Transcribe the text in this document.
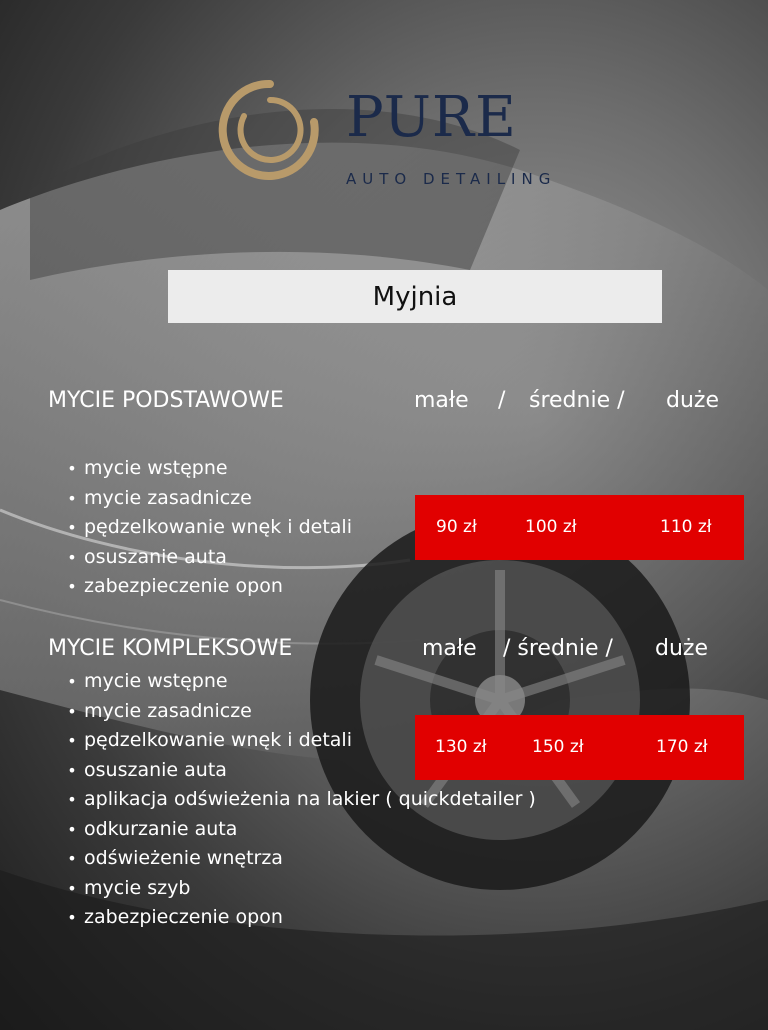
PURE
AUTO DETAILING
Myjnia
MYCIE PODSTAWOWE	małe / średnie / duże
• mycie wstępne
• mycie zasadnicze
• pędzelkowanie wnęk i detali
• osuszanie auta
• zabezpieczenie opon
90 zł	100 zł	110 zł
MYCIE KOMPLEKSOWE	małe / średnie / duże
• mycie wstępne
• mycie zasadnicze
• pędzelkowanie wnęk i detali
• osuszanie auta
• aplikacja odświeżenia na lakier ( quickdetailer )
• odkurzanie auta
• odświeżenie wnętrza
• mycie szyb
• zabezpieczenie opon
130 zł	150 zł	170 zł
